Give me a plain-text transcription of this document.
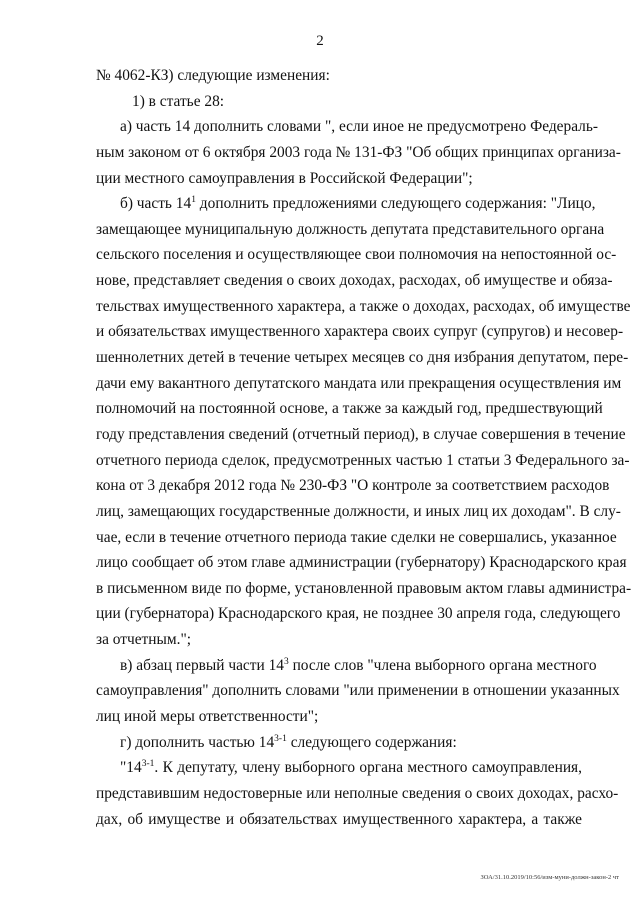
2
№ 4062-КЗ) следующие изменения:
1) в статье 28:
а) часть 14 дополнить словами ", если иное не предусмотрено Федераль-
ным законом от 6 октября 2003 года № 131-ФЗ "Об общих принципах организа-
ции местного самоуправления в Российской Федерации";
б) часть $14^1$ дополнить предложениями следующего содержания: "Лицо,
замещающее муниципальную должность депутата представительного органа
сельского поселения и осуществляющее свои полномочия на непостоянной ос-
нове, представляет сведения о своих доходах, расходах, об имуществе и обяза-
тельствах имущественного характера, а также о доходах, расходах, об имуществе
и обязательствах имущественного характера своих супруг (супругов) и несовер-
шеннолетних детей в течение четырех месяцев со дня избрания депутатом, пере-
дачи ему вакантного депутатского мандата или прекращения осуществления им
полномочий на постоянной основе, а также за каждый год, предшествующий
году представления сведений (отчетный период), в случае совершения в течение
отчетного периода сделок, предусмотренных частью 1 статьи 3 Федерального за-
кона от 3 декабря 2012 года № 230-ФЗ "О контроле за соответствием расходов
лиц, замещающих государственные должности, и иных лиц их доходам". В слу-
чае, если в течение отчетного периода такие сделки не совершались, указанное
лицо сообщает об этом главе администрации (губернатору) Краснодарского края
в письменном виде по форме, установленной правовым актом главы администра-
ции (губернатора) Краснодарского края, не позднее 30 апреля года, следующего
за отчетным.";
в) абзац первый части $14^3$ после слов "члена выборного органа местного
самоуправления" дополнить словами "или применении в отношении указанных
лиц иной меры ответственности";
г) дополнить частью 14$^{3-1}$ следующего содержания:
"14$^{3-1}$. К депутату, члену выборного органа местного самоуправления,
представившим недостоверные или неполные сведения о своих доходах, расхо-
дах, об имуществе и обязательствах имущественного характера, а также
ЗОА/31.10.2019/10:56/изм-муни-должн-закон-2 чт
